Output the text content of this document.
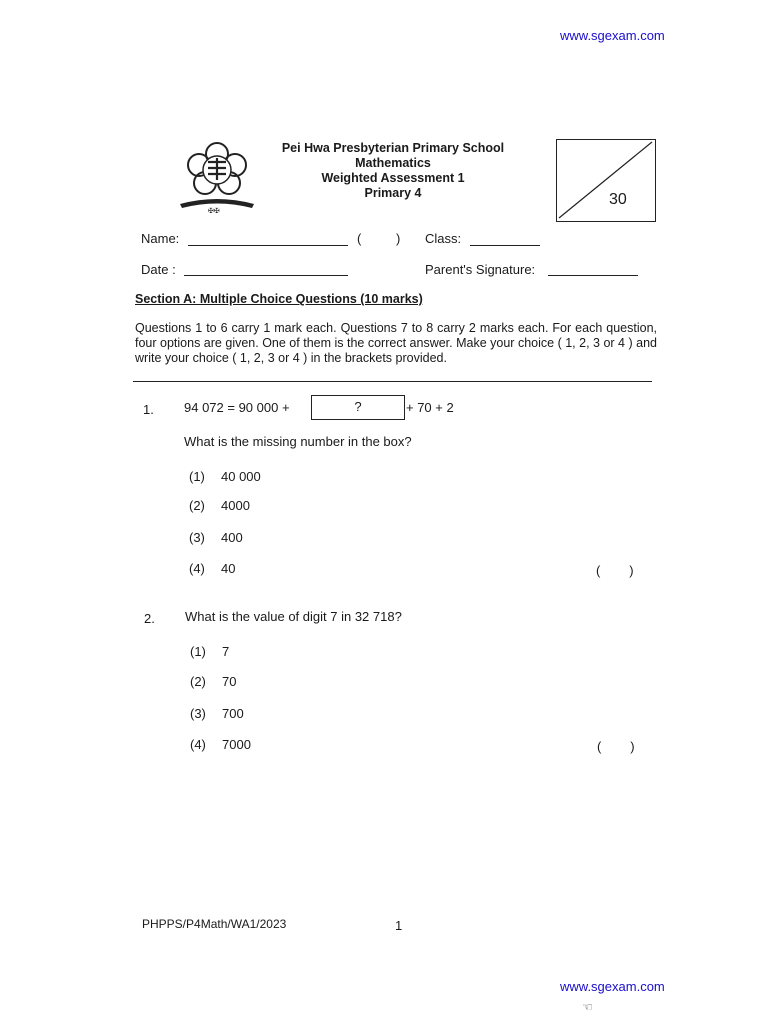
www.sgexam.com
✠✠
Pei Hwa Presbyterian Primary School
Mathematics
Weighted Assessment 1
Primary 4	30
Name:	(	) Class:
Date :	Parent's Signature:
Section A: Multiple Choice Questions (10 marks)
Questions 1 to 6 carry 1 mark each. Questions 7 to 8 carry 2 marks each. For each question, four options are given. One of them is the correct answer. Make your choice ( 1, 2, 3 or 4 ) and write your choice ( 1, 2, 3 or 4 ) in the brackets provided.
1. 94 072 = 90 000 +	?	+ 70 + 2
What is the missing number in the box?
(1) 40 000
(2) 4000
(3) 400
(4) 40	(        )
2. What is the value of digit 7 in 32 718?
(1) 7
(2) 70
(3) 700
(4) 7000	(        )
PHPPS/P4Math/WA1/2023	1
www.sgexam.com
☜
